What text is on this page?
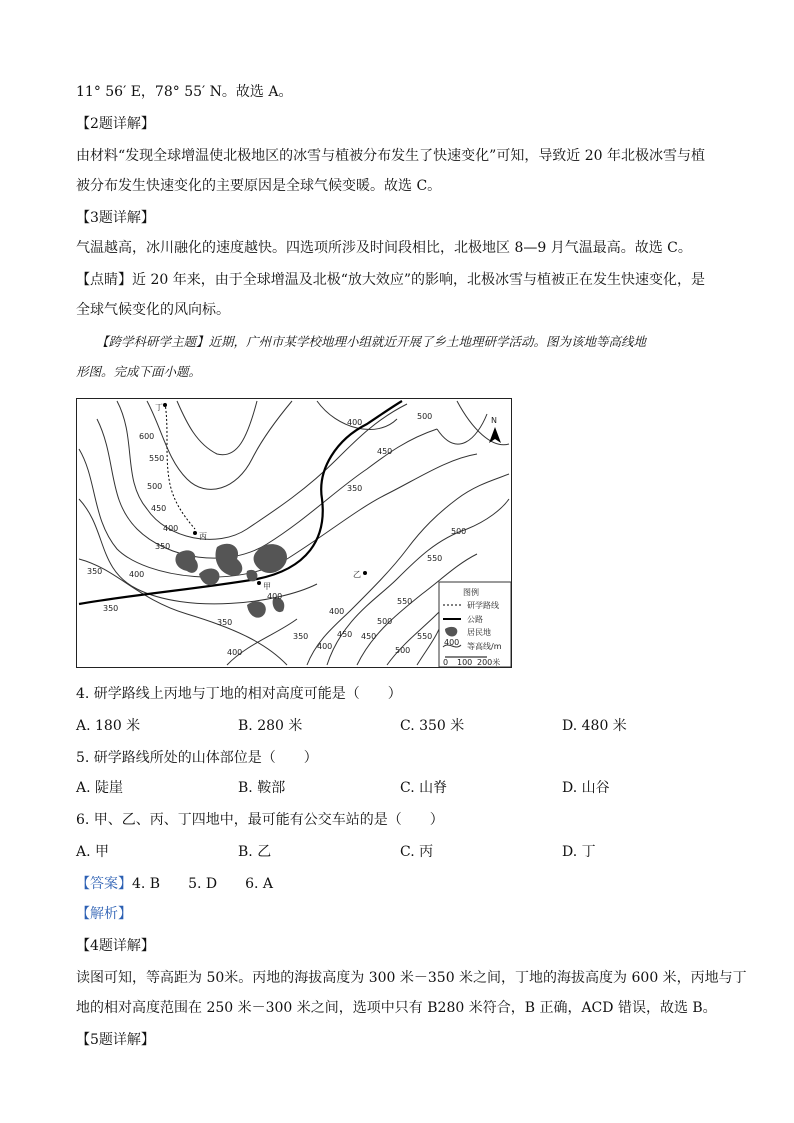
11° 56′ E，78° 55′ N。故选 A。
【2题详解】
由材料“发现全球增温使北极地区的冰雪与植被分布发生了快速变化”可知，导致近 20 年北极冰雪与植
被分布发生快速变化的主要原因是全球气候变暖。故选 C。
【3题详解】
气温越高，冰川融化的速度越快。四选项所涉及时间段相比，北极地区 8—9 月气温最高。故选 C。
【点睛】近 20 年来，由于全球增温及北极“放大效应”的影响，北极冰雪与植被正在发生快速变化，是
全球气候变化的风向标。
【跨学科研学主题】近期，广州市某学校地理小组就近开展了乡土地理研学活动。图为该地等高线地
形图。完成下面小题。
丁
丙
甲
乙
N
600
550
500
450
400
350
400
350
350
400
350
400
450
500
550
350
400
450
500
500
550
400
350
400
450
500
550
图例
研学路线
公路
居民地
400 等高线/m
0 100 200米
4. 研学路线上丙地与丁地的相对高度可能是（　　）
A. 180 米	B. 280 米	C. 350 米	D. 480 米
5. 研学路线所处的山体部位是（　　）
A. 陡崖	B. 鞍部	C. 山脊	D. 山谷
6. 甲、乙、丙、丁四地中，最可能有公交车站的是（　　）
A. 甲	B. 乙	C. 丙	D. 丁
【答案】4. B　　5. D　　6. A
【解析】
【4题详解】
读图可知，等高距为 50米。丙地的海拔高度为 300 米－350 米之间，丁地的海拔高度为 600 米，丙地与丁
地的相对高度范围在 250 米－300 米之间，选项中只有 B280 米符合，B 正确，ACD 错误，故选 B。
【5题详解】
